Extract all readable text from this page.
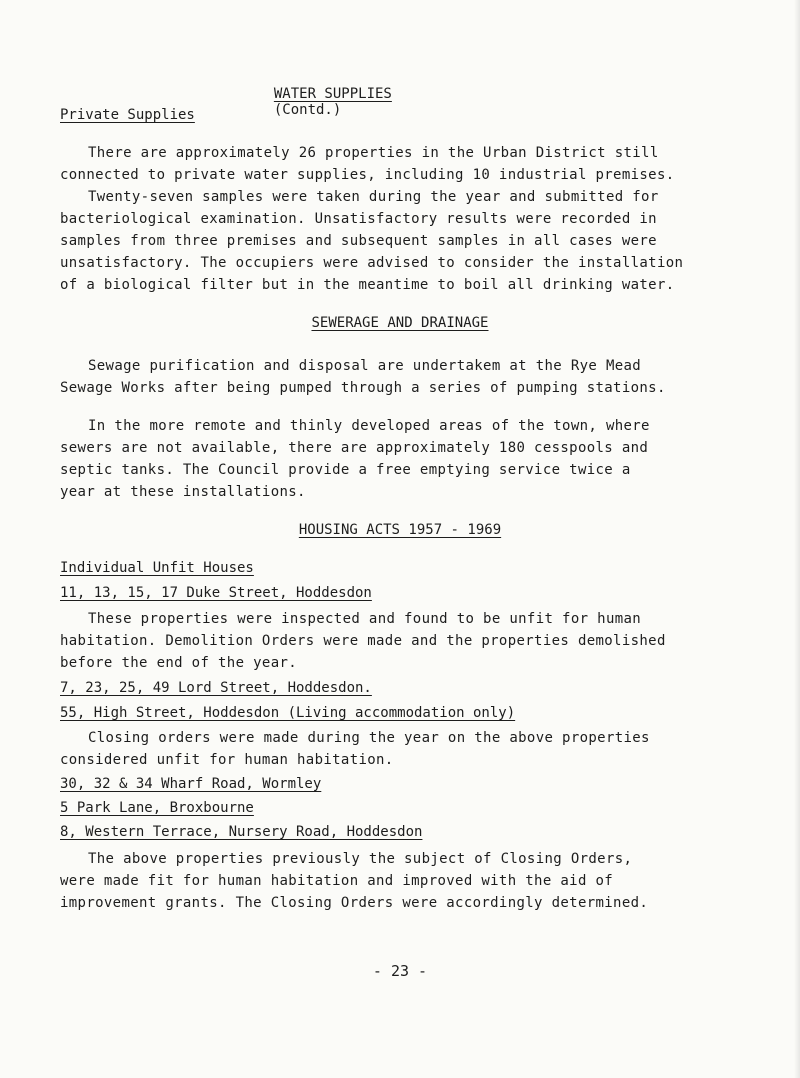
WATER SUPPLIES
(Contd.)

Private Supplies
There are approximately 26 properties in the Urban District still
connected to private water supplies, including 10 industrial premises.
Twenty-seven samples were taken during the year and submitted for
bacteriological examination. Unsatisfactory results were recorded in
samples from three premises and subsequent samples in all cases were
unsatisfactory. The occupiers were advised to consider the installation
of a biological filter but in the meantime to boil all drinking water.
SEWERAGE AND DRAINAGE
Sewage purification and disposal are undertakem at the Rye Mead
Sewage Works after being pumped through a series of pumping stations.
In the more remote and thinly developed areas of the town, where
sewers are not available, there are approximately 180 cesspools and
septic tanks. The Council provide a free emptying service twice a
year at these installations.
HOUSING ACTS 1957 - 1969
Individual Unfit Houses
11, 13, 15, 17 Duke Street, Hoddesdon
These properties were inspected and found to be unfit for human
habitation. Demolition Orders were made and the properties demolished
before the end of the year.
7, 23, 25, 49 Lord Street, Hoddesdon.
55, High Street, Hoddesdon (Living accommodation only)
Closing orders were made during the year on the above properties
considered unfit for human habitation.
30, 32 & 34 Wharf Road, Wormley
5 Park Lane, Broxbourne
8, Western Terrace, Nursery Road, Hoddesdon
The above properties previously the subject of Closing Orders,
were made fit for human habitation and improved with the aid of
improvement grants. The Closing Orders were accordingly determined.
- 23 -
